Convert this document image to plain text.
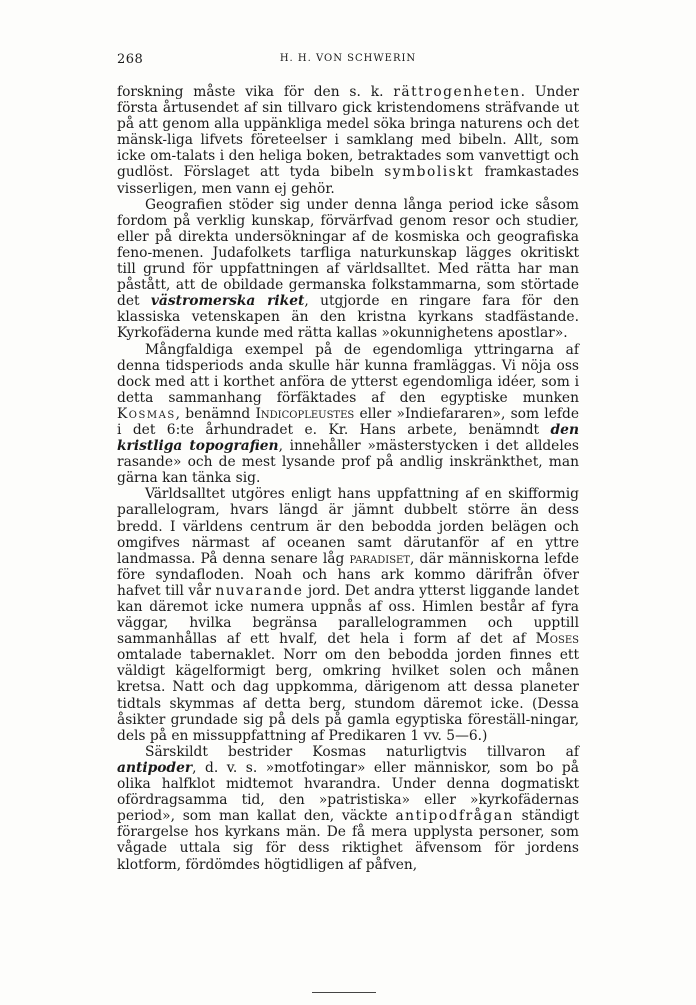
268	H. H. VON SCHWERIN

forskning måste vika för den s. k. rättrogenheten. Under första årtusendet af sin tillvaro gick kristendomens sträfvande ut på att genom alla uppänkliga medel söka bringa naturens och det mänsk-liga lifvets företeelser i samklang med bibeln. Allt, som icke om-talats i den heliga boken, betraktades som vanvettigt och gudlöst. Förslaget att tyda bibeln symboliskt framkastades visserligen, men vann ej gehör.

Geografien stöder sig under denna långa period icke såsom fordom på verklig kunskap, förvärfvad genom resor och studier, eller på direkta undersökningar af de kosmiska och geografiska feno-menen. Judafolkets tarfliga naturkunskap lägges okritiskt till grund för uppfattningen af världsalltet. Med rätta har man påstått, att de obildade germanska folkstammarna, som störtade det västromerska riket, utgjorde en ringare fara för den klassiska vetenskapen än den kristna kyrkans stadfästande. Kyrkofäderna kunde med rätta kallas »okunnighetens apostlar».

Mångfaldiga exempel på de egendomliga yttringarna af denna tidsperiods anda skulle här kunna framläggas. Vi nöja oss dock med att i korthet anföra de ytterst egendomliga idéer, som i detta sammanhang förfäktades af den egyptiske munken Kosmas, benämnd Indicopleustes eller »Indiefararen», som lefde i det 6:te århundradet e. Kr. Hans arbete, benämndt den kristliga topografien, innehåller »mästerstycken i det alldeles rasande» och de mest lysande prof på andlig inskränkthet, man gärna kan tänka sig.

Världsalltet utgöres enligt hans uppfattning af en skifformig parallelogram, hvars längd är jämnt dubbelt större än dess bredd. I världens centrum är den bebodda jorden belägen och omgifves närmast af oceanen samt därutanför af en yttre landmassa. På denna senare låg paradiset, där människorna lefde före syndafloden. Noah och hans ark kommo därifrån öfver hafvet till vår nuvarande jord. Det andra ytterst liggande landet kan däremot icke numera uppnås af oss. Himlen består af fyra väggar, hvilka begränsa parallelogrammen och upptill sammanhållas af ett hvalf, det hela i form af det af Moses omtalade tabernaklet. Norr om den bebodda jorden finnes ett väldigt kägelformigt berg, omkring hvilket solen och månen kretsa. Natt och dag uppkomma, därigenom att dessa planeter tidtals skymmas af detta berg, stundom däremot icke. (Dessa åsikter grundade sig på dels på gamla egyptiska föreställ-ningar, dels på en missuppfattning af Predikaren 1 vv. 5—6.)

Särskildt bestrider Kosmas naturligtvis tillvaron af antipoder, d. v. s. »motfotingar» eller människor, som bo på olika halfklot midtemot hvarandra. Under denna dogmatiskt ofördragsamma tid, den »patristiska» eller »kyrkofädernas period», som man kallat den, väckte antipodfrågan ständigt förargelse hos kyrkans män. De få mera upplysta personer, som vågade uttala sig för dess riktighet äfvensom för jordens klotform, fördömdes högtidligen af påfven,
